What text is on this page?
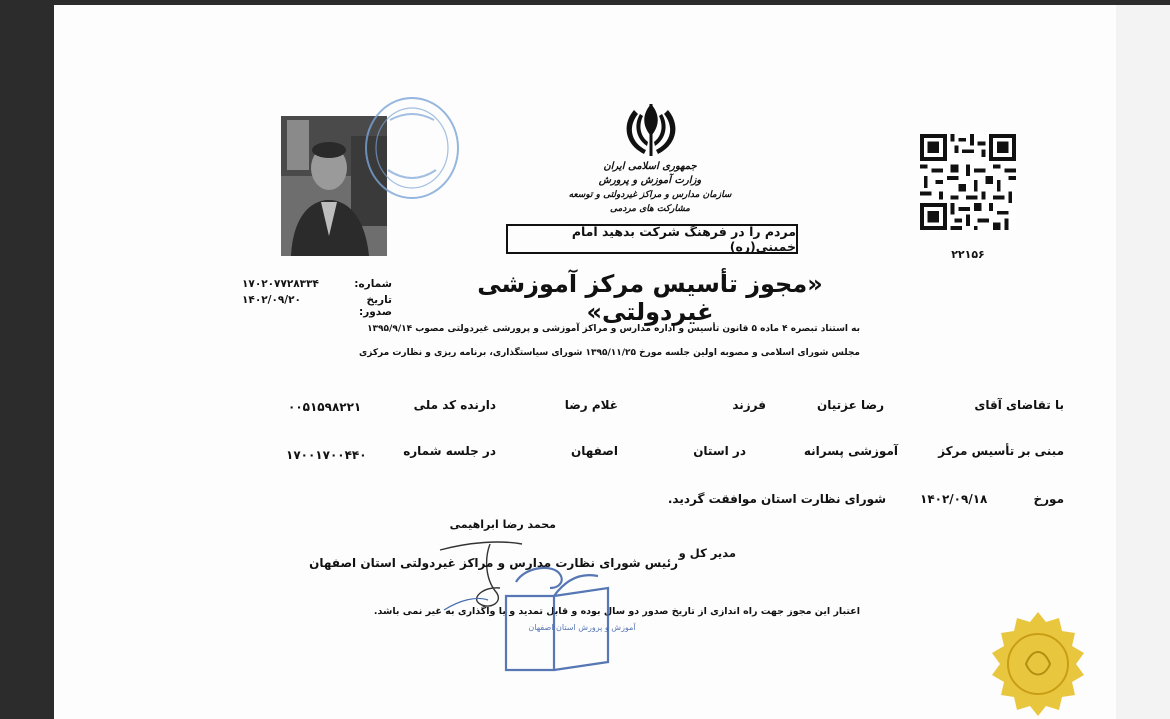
جمهوری اسلامی ایران
وزارت آموزش و پرورش
سازمان مدارس و مراکز غیردولتی و توسعه مشارکت های مردمی
۲۲۱۵۶
مردم را در فرهنگ شرکت بدهید امام خمینی(ره)
«مجوز تأسیس مرکز آموزشی غیردولتی»
شماره:
۱۷۰۲۰۷۷۲۸۳۳۴
تاریخ صدور:
۱۴۰۲/۰۹/۲۰
به استناد تبصره ۴ ماده ۵ قانون تأسیس و اداره مدارس و مراکز آموزشی و پرورشی غیردولتی مصوب ۱۳۹۵/۹/۱۴
مجلس شورای اسلامی و مصوبه اولین جلسه مورخ ۱۳۹۵/۱۱/۲۵ شورای سیاستگذاری، برنامه ریزی و نظارت مرکزی
با تقاضای آقای
رضا عزتیان
فرزند
غلام رضا
دارنده کد ملی
۰۰۵۱۵۹۸۲۲۱
مبنی بر تأسیس مرکز
آموزشی پسرانه
در استان
اصفهان
در جلسه شماره
۱۷۰۰۱۷۰۰۴۴۰
مورخ
۱۴۰۲/۰۹/۱۸
شورای نظارت استان موافقت گردید.
محمد رضا ابراهیمی
مدیر کل و
رئیس شورای نظارت مدارس و مراکز غیردولتی استان اصفهان
اعتبار این مجوز جهت راه اندازی از تاریخ صدور دو سال بوده و قابل تمدید و یا واگذاری به غیر نمی باشد.
آموزش و پرورش استان اصفهان
